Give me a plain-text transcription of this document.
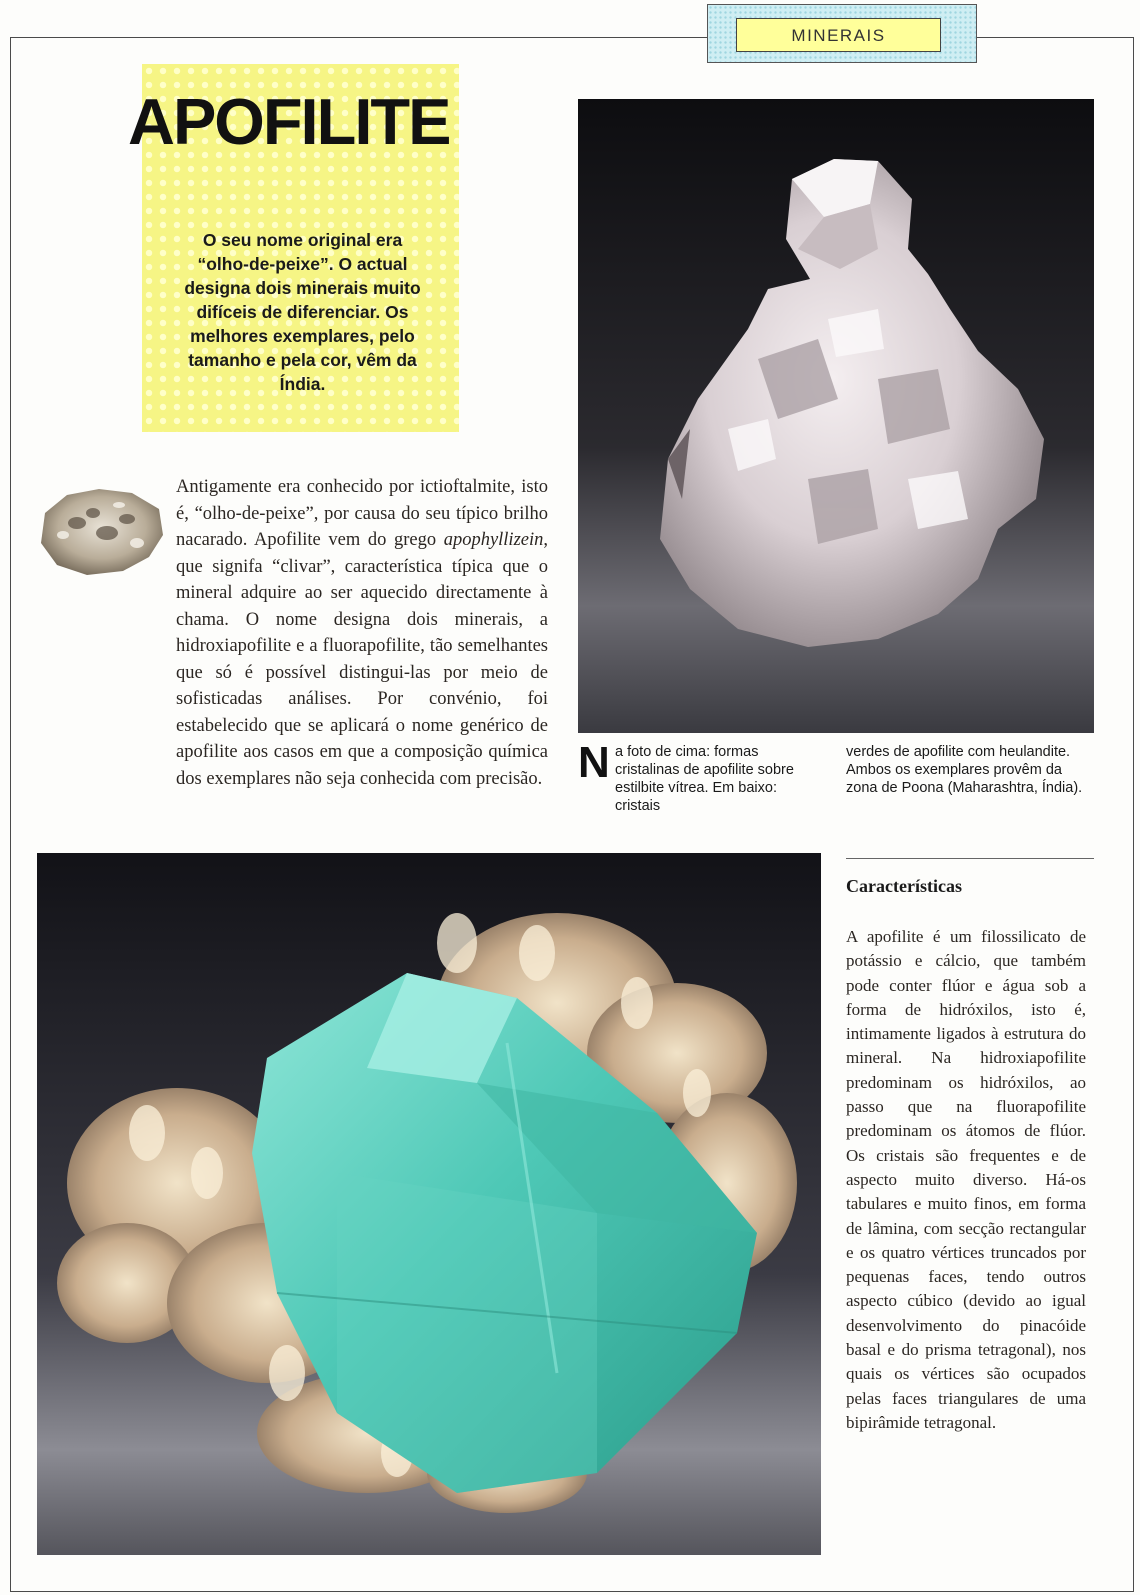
MINERAIS
APOFILITE
O seu nome original era “olho-de-peixe”. O actual designa dois minerais muito difíceis de diferenciar. Os melhores exemplares, pelo tamanho e pela cor, vêm da Índia.

Antigamente era conhecido por ictioftalmite, isto é, “olho-de-peixe”, por causa do seu típico brilho nacarado. Apofilite vem do grego apophyllizein, que signifa “clivar”, característica típica que o mineral adquire ao ser aquecido directamente à chama. O nome designa dois minerais, a hidroxiapofilite e a fluorapofilite, tão semelhantes que só é possível distingui-las por meio de sofisticadas análises. Por convénio, foi estabelecido que se aplicará o nome genérico de apofilite aos casos em que a composição química dos exemplares não seja conhecida com precisão. N a foto de cima: formas cristalinas de apofilite sobre estilbite vítrea. Em baixo: cristais
verdes de apofilite com heulandite. Ambos os exemplares provêm da zona de Poona (Maharashtra, Índia).
Características

A apofilite é um filossilicato de potássio e cálcio, que também pode conter flúor e água sob a forma de hidróxilos, isto é, intimamente ligados à estrutura do mineral. Na hidroxiapofilite predominam os hidróxilos, ao passo que na fluorapofilite predominam os átomos de flúor. Os cristais são frequentes e de aspecto muito diverso. Há-os tabulares e muito finos, em forma de lâmina, com secção rectangular e os quatro vértices truncados por pequenas faces, tendo outros aspecto cúbico (devido ao igual desenvolvimento do pinacóide basal e do prisma tetragonal), nos quais os vértices são ocupados pelas faces triangulares de uma bipirâmide tetragonal.
